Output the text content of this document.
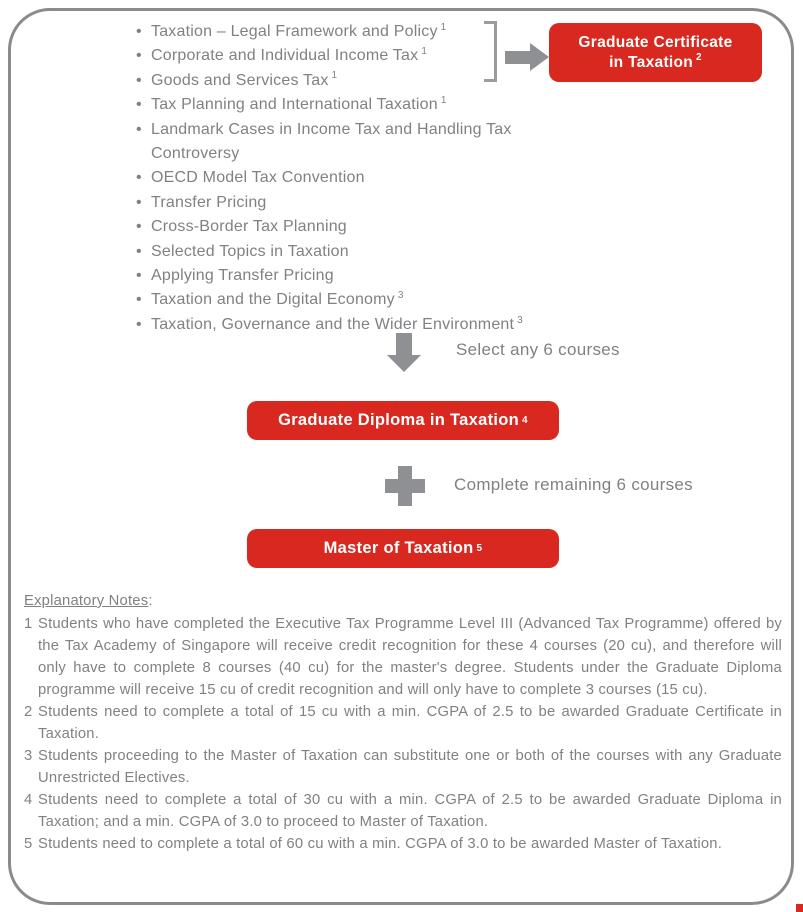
• Taxation – Legal Framework and Policy $^1$
• Corporate and Individual Income Tax $^1$
• Goods and Services Tax $^1$
• Tax Planning and International Taxation $^1$
• Landmark Cases in Income Tax and Handling Tax Controversy
• OECD Model Tax Convention
• Transfer Pricing
• Cross-Border Tax Planning
• Selected Topics in Taxation
• Applying Transfer Pricing
• Taxation and the Digital Economy $^3$
• Taxation, Governance and the Wider Environment $^3$
Graduate Certificate
in Taxation $^2$
Select any 6 courses
Graduate Diploma in Taxation 4
Complete remaining 6 courses
Master of Taxation 5
Explanatory Notes:
1 Students who have completed the Executive Tax Programme Level III (Advanced Tax Programme) offered by the Tax Academy of Singapore will receive credit recognition for these 4 courses (20 cu), and therefore will only have to complete 8 courses (40 cu) for the master's degree. Students under the Graduate Diploma programme will receive 15 cu of credit recognition and will only have to complete 3 courses (15 cu).
2 Students need to complete a total of 15 cu with a min. CGPA of 2.5 to be awarded Graduate Certificate in Taxation.
3 Students proceeding to the Master of Taxation can substitute one or both of the courses with any Graduate Unrestricted Electives.
4 Students need to complete a total of 30 cu with a min. CGPA of 2.5 to be awarded Graduate Diploma in Taxation; and a min. CGPA of 3.0 to proceed to Master of Taxation.
5 Students need to complete a total of 60 cu with a min. CGPA of 3.0 to be awarded Master of Taxation.
